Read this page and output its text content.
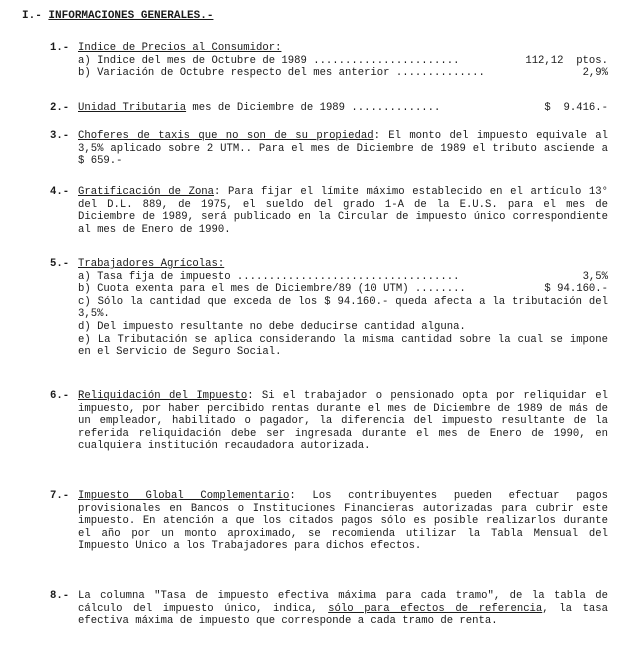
I.- INFORMACIONES GENERALES.-
1.- Indice de Precios al Consumidor:
a) Indice del mes de Octubre de 1989 .......................	112,12  ptos.
b) Variación de Octubre respecto del mes anterior ..............	2,9%
2.- Unidad Tributaria mes de Diciembre de 1989 ..............	$  9.416.-
3.- Choferes de taxis que no son de su propiedad: El monto del impuesto equivale al 3,5% aplicado sobre 2 UTM.. Para el mes de Diciembre de 1989 el tributo asciende a $ 659.-
4.- Gratificación de Zona: Para fijar el límite máximo establecido en el artículo 13° del D.L. 889, de 1975, el sueldo del grado 1-A de la E.U.S. para el mes de Diciembre de 1989, será publicado en la Circular de impuesto único correspondiente al mes de Enero de 1990.
5.- Trabajadores Agrícolas:
a) Tasa fija de impuesto ...................................	3,5%
b) Cuota exenta para el mes de Diciembre/89 (10 UTM) ........	$ 94.160.-
c) Sólo la cantidad que exceda de los $ 94.160.- queda afecta a la tributación del 3,5%.
d) Del impuesto resultante no debe deducirse cantidad alguna.
e) La Tributación se aplica considerando la misma cantidad sobre la cual se impone en el Servicio de Seguro Social.
6.- Reliquidación del Impuesto: Si el trabajador o pensionado opta por reliquidar el impuesto, por haber percibido rentas durante el mes de Diciembre de 1989 de más de un empleador, habilitado o pagador, la diferencia del impuesto resultante de la referida reliquidación debe ser ingresada durante el mes de Enero de 1990, en cualquiera institución recaudadora autorizada.
7.- Impuesto Global Complementario: Los contribuyentes pueden efectuar pagos provisionales en Bancos o Instituciones Financieras autorizadas para cubrir este impuesto. En atención a que los citados pagos sólo es posible realizarlos durante el año por un monto aproximado, se recomienda utilizar la Tabla Mensual del Impuesto Unico a los Trabajadores para dichos efectos.
8.- La columna "Tasa de impuesto efectiva máxima para cada tramo", de la tabla de cálculo del impuesto único, indica, sólo para efectos de referencia, la tasa efectiva máxima de impuesto que corresponde a cada tramo de renta.
